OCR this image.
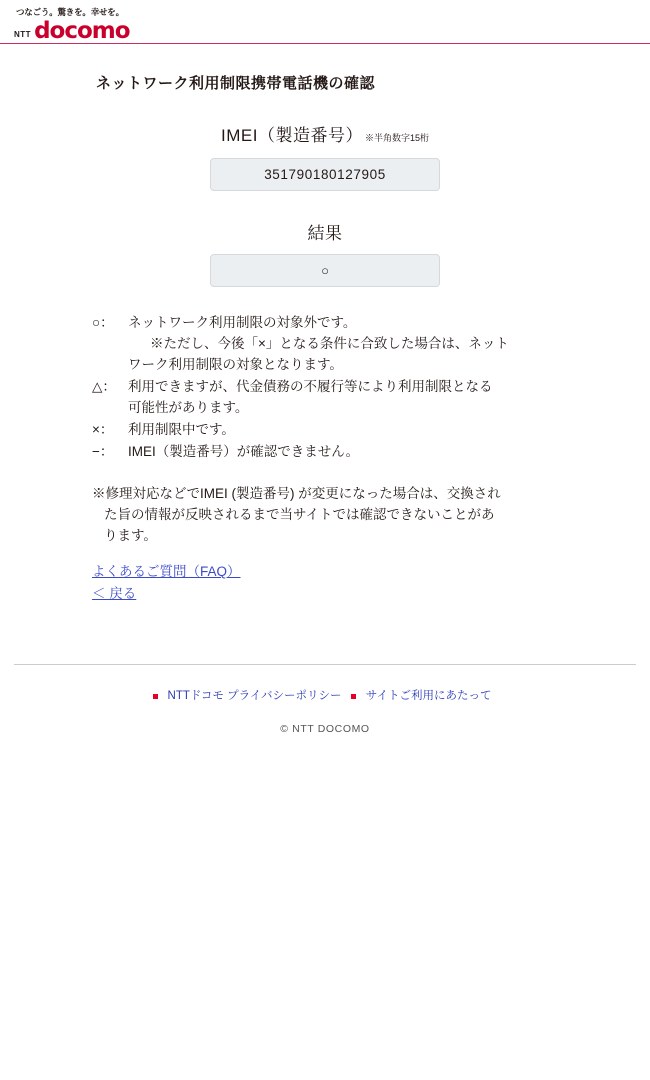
つなごう。驚きを。幸せを。
NTT docomo
ネットワーク利用制限携帯電話機の確認
IMEI（製造番号） ※半角数字15桁
351790180127905
結果
○
○：	ネットワーク利用制限の対象外です。
※ただし、今後「×」となる条件に合致した場合は、ネット
ワーク利用制限の対象となります。
△： 利用できますが、代金債務の不履行等により利用制限となる
可能性があります。
×：	利用制限中です。
−：	IMEI（製造番号）が確認できません。
※修理対応などでIMEI (製造番号) が変更になった場合は、交換され
た旨の情報が反映されるまで当サイトでは確認できないことがあ
ります。
よくあるご質問（FAQ）
＜ 戻る
NTTドコモ プライバシーポリシー サイトご利用にあたって
© NTT DOCOMO
